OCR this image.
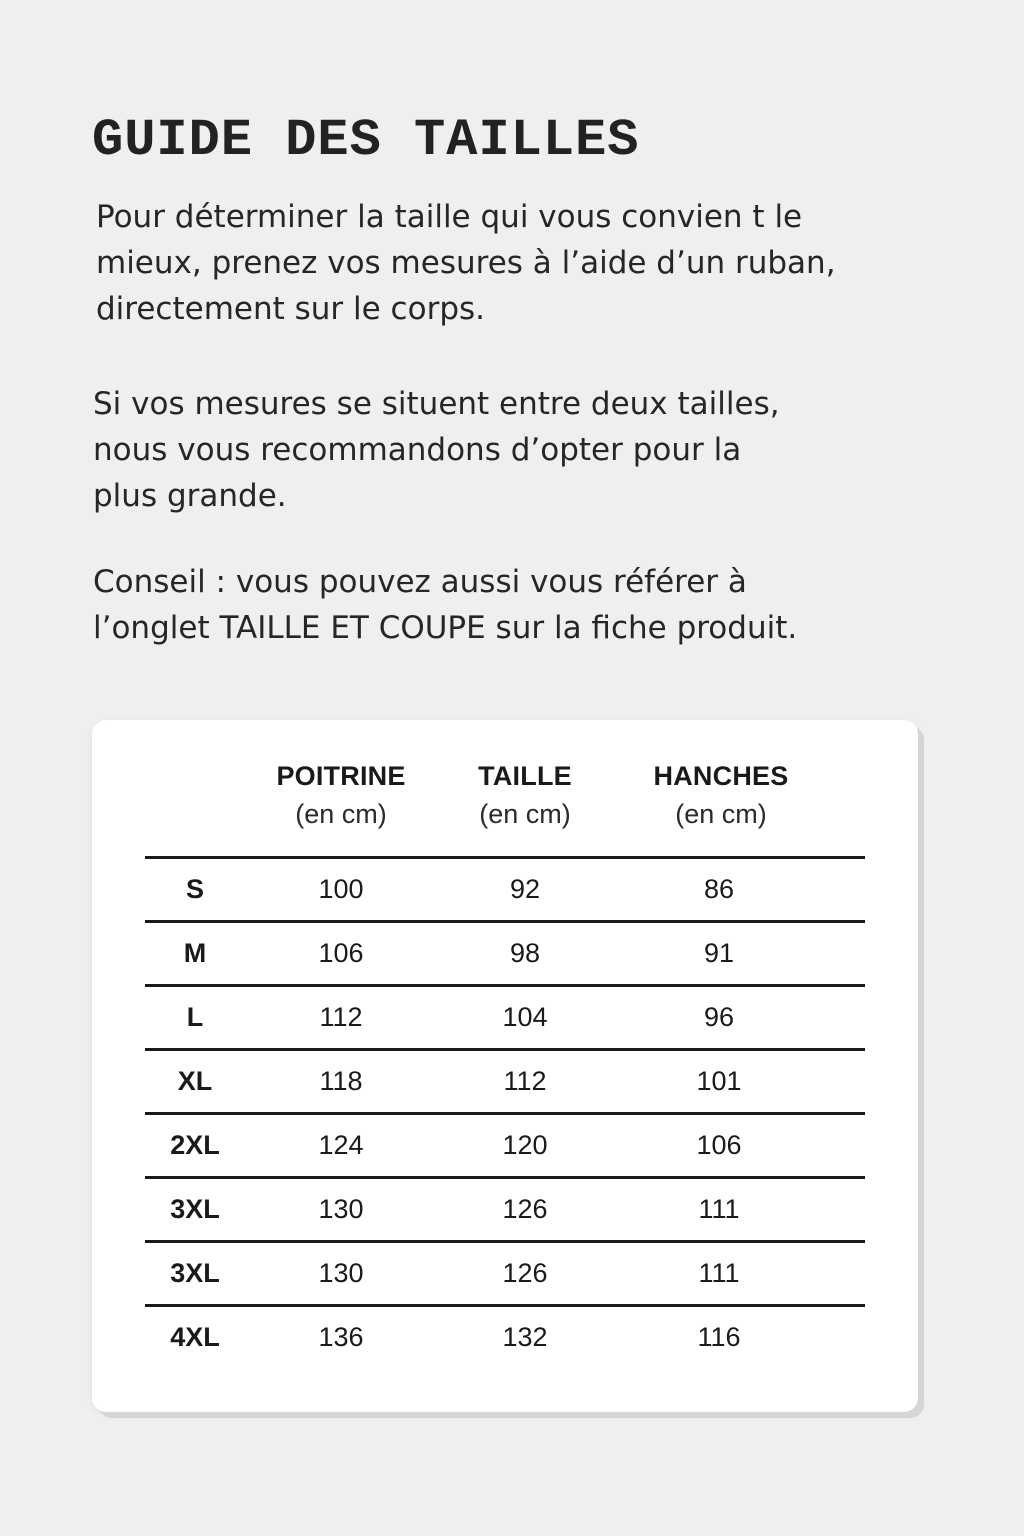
GUIDE DES TAILLES

Pour déterminer la taille qui vous convien t le
mieux, prenez vos mesures à l’aide d’un ruban,
directement sur le corps.

Si vos mesures se situent entre deux tailles,
nous vous recommandons d’opter pour la
plus grande.

Conseil : vous pouvez aussi vous référer à
l’onglet TAILLE ET COUPE sur la fiche produit.

POITRINE
(en cm)
TAILLE
(en cm)
HANCHES
(en cm)
S	100	92	86
M	106	98	91
L	112	104	96
XL	118	112	101
2XL	124	120	106
3XL	130	126	111
3XL	130	126	111
4XL	136	132	116
